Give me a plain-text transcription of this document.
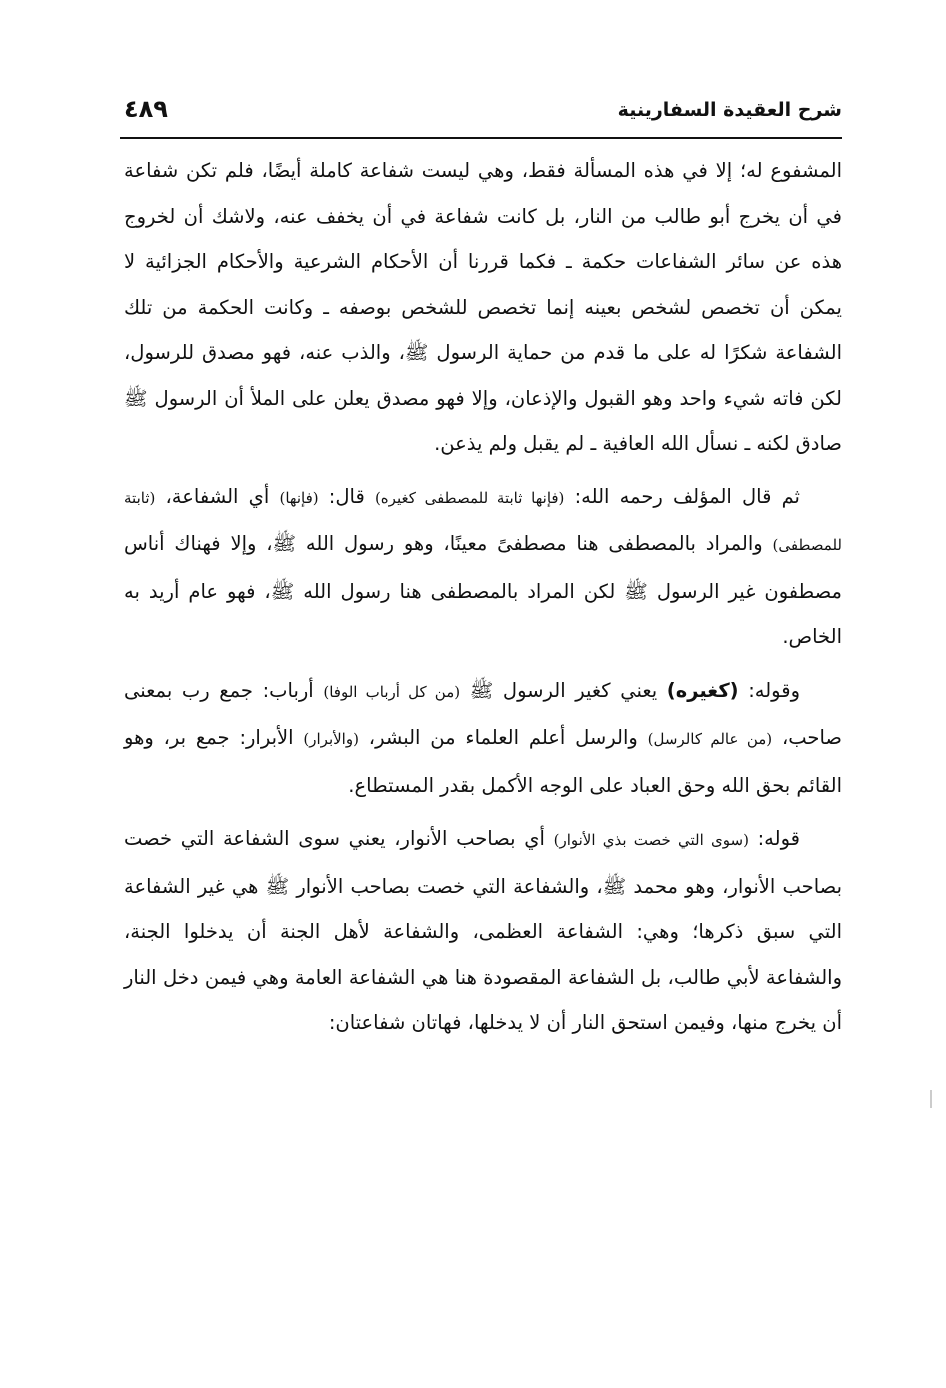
شرح العقيدة السفارينية
٤٨٩

المشفوع له؛ إلا في هذه المسألة فقط، وهي ليست شفاعة كاملة أيضًا، فلم تكن شفاعة في أن يخرج أبو طالب من النار، بل كانت شفاعة في أن يخفف عنه، ولاشك أن لخروج هذه عن سائر الشفاعات حكمة ـ فكما قررنا أن الأحكام الشرعية والأحكام الجزائية لا يمكن أن تخصص لشخص بعينه إنما تخصص للشخص بوصفه ـ وكانت الحكمة من تلك الشفاعة شكرًا له على ما قدم من حماية الرسول ﷺ، والذب عنه، فهو مصدق للرسول، لكن فاته شيء واحد وهو القبول والإذعان، وإلا فهو مصدق يعلن على الملأ أن الرسول ﷺ صادق لكنه ـ نسأل الله العافية ـ لم يقبل ولم يذعن.

ثم قال المؤلف رحمه الله: (فإنها ثابتة للمصطفى كغيره) قال: (فإنها) أي الشفاعة، (ثابتة للمصطفى) والمراد بالمصطفى هنا مصطفىً معينًا، وهو رسول الله ﷺ، وإلا فهناك أناس مصطفون غير الرسول ﷺ لكن المراد بالمصطفى هنا رسول الله ﷺ، فهو عام أريد به الخاص.

وقوله: (كغيره) يعني كغير الرسول ﷺ (من كل أرباب الوفا) أرباب: جمع رب بمعنى صاحب، (من عالم كالرسل) والرسل أعلم العلماء من البشر، (والأبرار) الأبرار: جمع بر، وهو القائم بحق الله وحق العباد على الوجه الأكمل بقدر المستطاع.

قوله: (سوى التي خصت بذي الأنوار) أي بصاحب الأنوار، يعني سوى الشفاعة التي خصت بصاحب الأنوار، وهو محمد ﷺ، والشفاعة التي خصت بصاحب الأنوار ﷺ هي غير الشفاعة التي سبق ذكرها؛ وهي: الشفاعة العظمى، والشفاعة لأهل الجنة أن يدخلوا الجنة، والشفاعة لأبي طالب، بل الشفاعة المقصودة هنا هي الشفاعة العامة وهي فيمن دخل النار أن يخرج منها، وفيمن استحق النار أن لا يدخلها، فهاتان شفاعتان:
